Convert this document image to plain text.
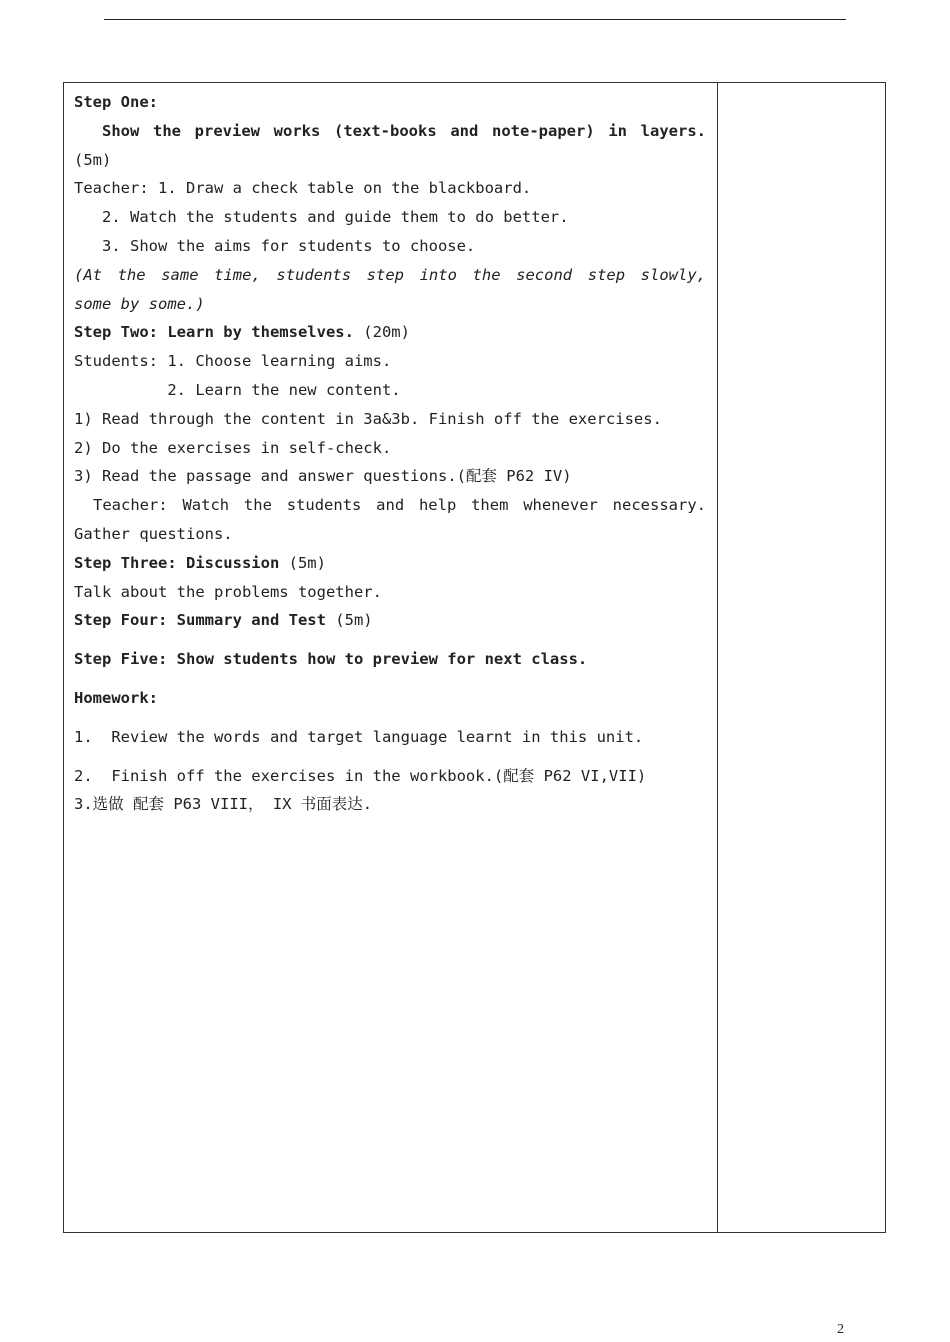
Step One:

Show the preview works (text-books and note-paper) in layers.

(5m)

Teacher: 1. Draw a check table on the blackboard.

2. Watch the students and guide them to do better.

3. Show the aims for students to choose.

(At the same time, students step into the second step slowly,

some by some.)

Step Two: Learn by themselves. (20m)

Students: 1. Choose learning aims.

2. Learn the new content.

1) Read through the content in 3a&3b. Finish off the exercises.

2) Do the exercises in self-check.

3) Read the passage and answer questions.(配套 P62 IV)

Teacher: Watch the students and help them whenever necessary.

Gather questions.

Step Three: Discussion (5m)

Talk about the problems together.

Step Four: Summary and Test (5m)

Step Five: Show students how to preview for next class.

Homework:

1.  Review the words and target language learnt in this unit.

2.  Finish off the exercises in the workbook.(配套 P62 VI,VII)

3.选做 配套 P63 VIII， IX 书面表达.

2
